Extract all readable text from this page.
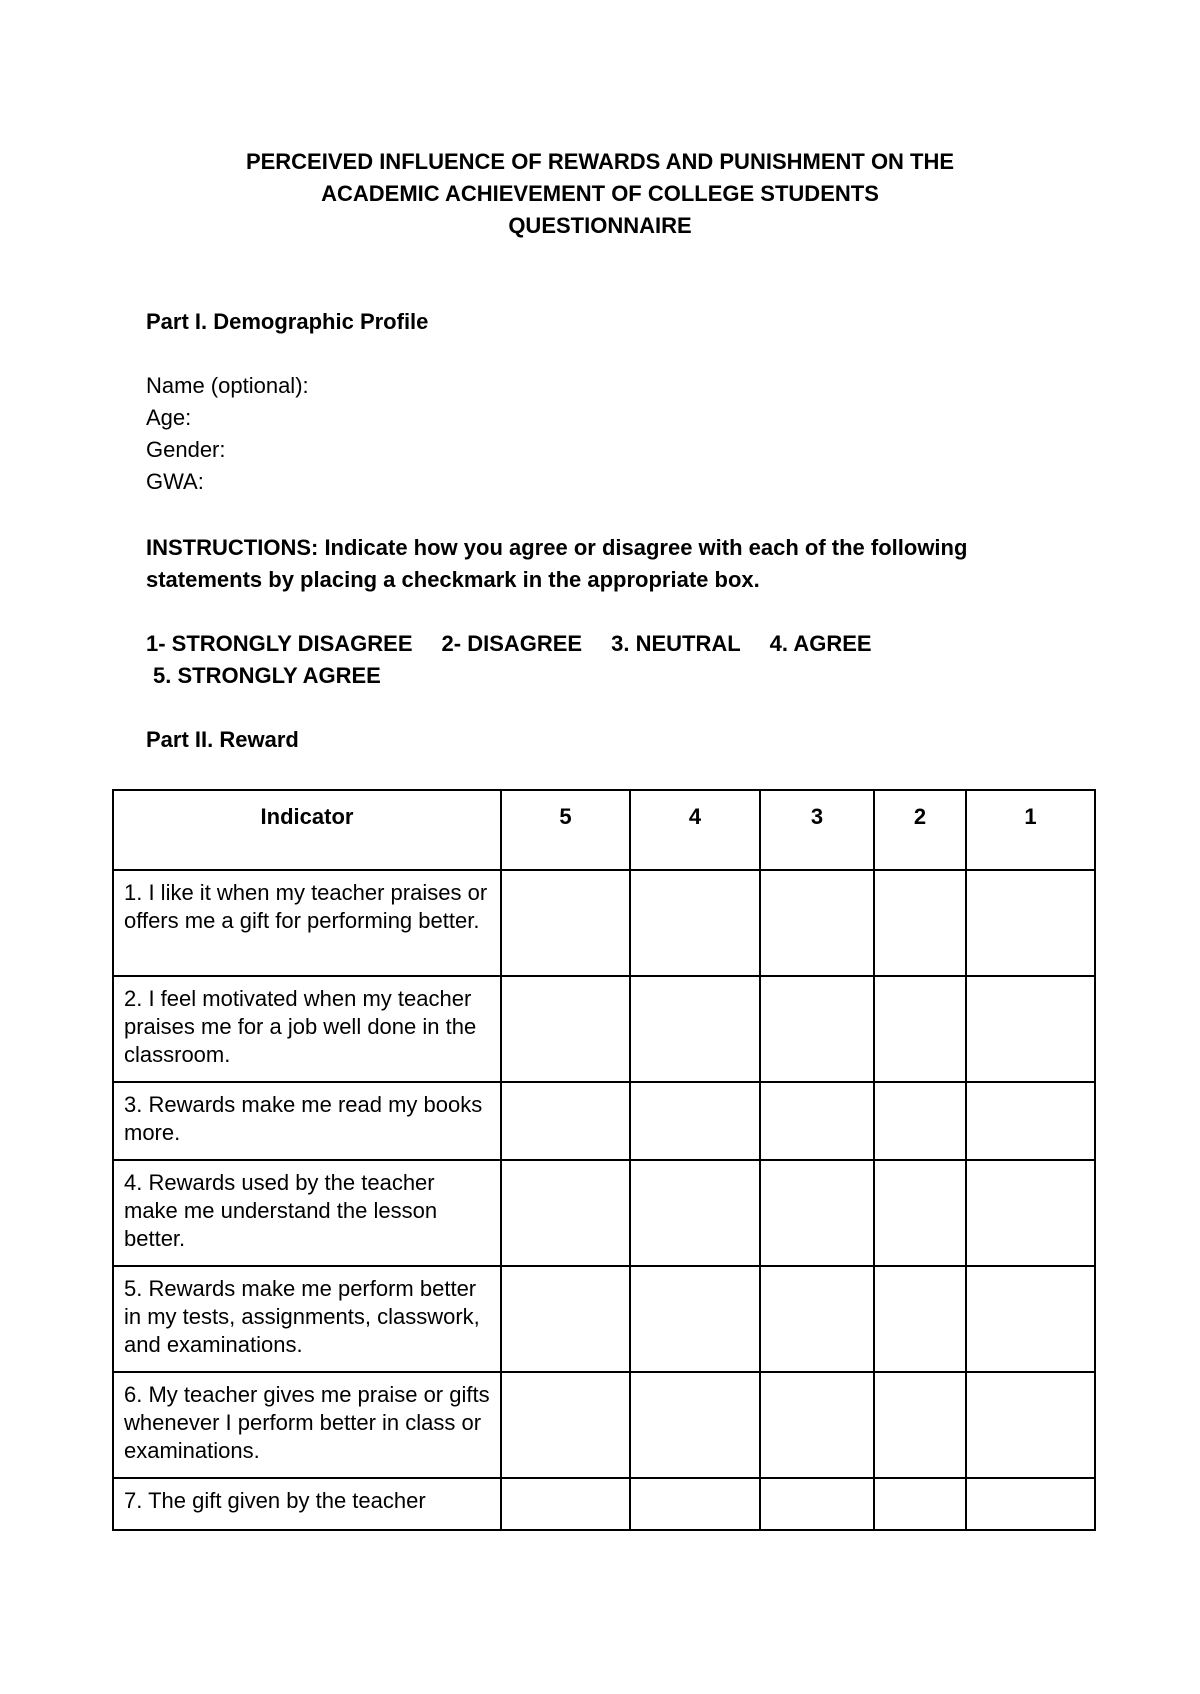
PERCEIVED INFLUENCE OF REWARDS AND PUNISHMENT ON THE
ACADEMIC ACHIEVEMENT OF COLLEGE STUDENTS
QUESTIONNAIRE
Part I. Demographic Profile
Name (optional):
Age:
Gender:
GWA:
INSTRUCTIONS: Indicate how you agree or disagree with each of the following statements by placing a checkmark in the appropriate box.
1- STRONGLY DISAGREE 2- DISAGREE 3. NEUTRAL 4. AGREE
5. STRONGLY AGREE
Part II. Reward
Indicator	5	4	3	2	1
1. I like it when my teacher praises or offers me a gift for performing better.					
2. I feel motivated when my teacher praises me for a job well done in the classroom.					
3. Rewards make me read my books more.					
4. Rewards used by the teacher make me understand the lesson better.					
5. Rewards make me perform better in my tests, assignments, classwork, and examinations.					
6. My teacher gives me praise or gifts whenever I perform better in class or examinations.					
7. The gift given by the teacher					
